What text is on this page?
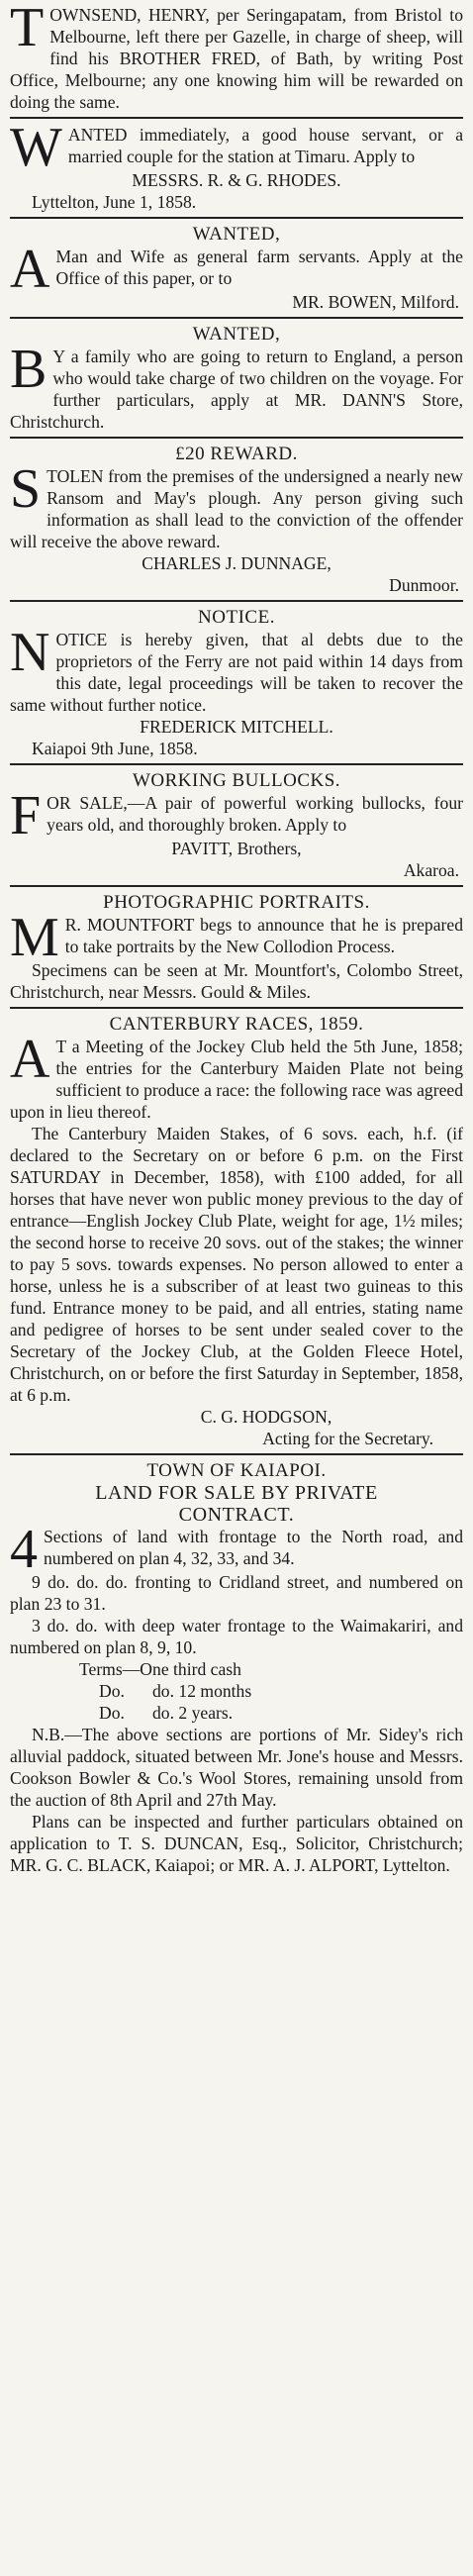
T OWNSEND, HENRY, per Seringapatam, from Bristol to Melbourne, left there per Gazelle, in charge of sheep, will find his BROTHER FRED, of Bath, by writing Post Office, Melbourne; any one knowing him will be rewarded on doing the same.

W ANTED immediately, a good house servant, or a married couple for the station at Timaru. Apply to

MESSRS. R. & G. RHODES.
Lyttelton, June 1, 1858.
WANTED,
A Man and Wife as general farm servants. Apply at the Office of this paper, or to

MR. BOWEN, Milford.
WANTED,
B Y a family who are going to return to England, a person who would take charge of two children on the voyage. For further particulars, apply at MR. DANN'S Store, Christchurch.

£20 REWARD.
S TOLEN from the premises of the undersigned a nearly new Ransom and May's plough. Any person giving such information as shall lead to the conviction of the offender will receive the above reward.

CHARLES J. DUNNAGE,
Dunmoor.
NOTICE.
N OTICE is hereby given, that al debts due to the proprietors of the Ferry are not paid within 14 days from this date, legal proceedings will be taken to recover the same without further notice.

FREDERICK MITCHELL.
Kaiapoi 9th June, 1858.
WORKING BULLOCKS.
F OR SALE,—A pair of powerful working bullocks, four years old, and thoroughly broken. Apply to

PAVITT, Brothers,
Akaroa.
PHOTOGRAPHIC PORTRAITS.
M R. MOUNTFORT begs to announce that he is prepared to take portraits by the New Collodion Process.

Specimens can be seen at Mr. Mountfort's, Colombo Street, Christchurch, near Messrs. Gould & Miles.

CANTERBURY RACES, 1859.
A T a Meeting of the Jockey Club held the 5th June, 1858; the entries for the Canterbury Maiden Plate not being sufficient to produce a race: the following race was agreed upon in lieu thereof.

The Canterbury Maiden Stakes, of 6 sovs. each, h.f. (if declared to the Secretary on or before 6 p.m. on the First SATURDAY in December, 1858), with £100 added, for all horses that have never won public money previous to the day of entrance—English Jockey Club Plate, weight for age, 1½ miles; the second horse to receive 20 sovs. out of the stakes; the winner to pay 5 sovs. towards expenses. No person allowed to enter a horse, unless he is a subscriber of at least two guineas to this fund. Entrance money to be paid, and all entries, stating name and pedigree of horses to be sent under sealed cover to the Secretary of the Jockey Club, at the Golden Fleece Hotel, Christchurch, on or before the first Saturday in September, 1858, at 6 p.m.

C. G. HODGSON,
Acting for the Secretary.
TOWN OF KAIAPOI.
LAND FOR SALE BY PRIVATE
CONTRACT.
4 Sections of land with frontage to the North road, and numbered on plan 4, 32, 33, and 34.

9 do. do. do. fronting to Cridland street, and numbered on plan 23 to 31.

3 do. do. with deep water frontage to the Waimakariri, and numbered on plan 8, 9, 10.

Terms—One third cash
Do. do. 12 months
Do. do. 2 years.

N.B.—The above sections are portions of Mr. Sidey's rich alluvial paddock, situated between Mr. Jone's house and Messrs. Cookson Bowler & Co.'s Wool Stores, remaining unsold from the auction of 8th April and 27th May.

Plans can be inspected and further particulars obtained on application to T. S. DUNCAN, Esq., Solicitor, Christchurch; MR. G. C. BLACK, Kaiapoi; or MR. A. J. ALPORT, Lyttelton.
